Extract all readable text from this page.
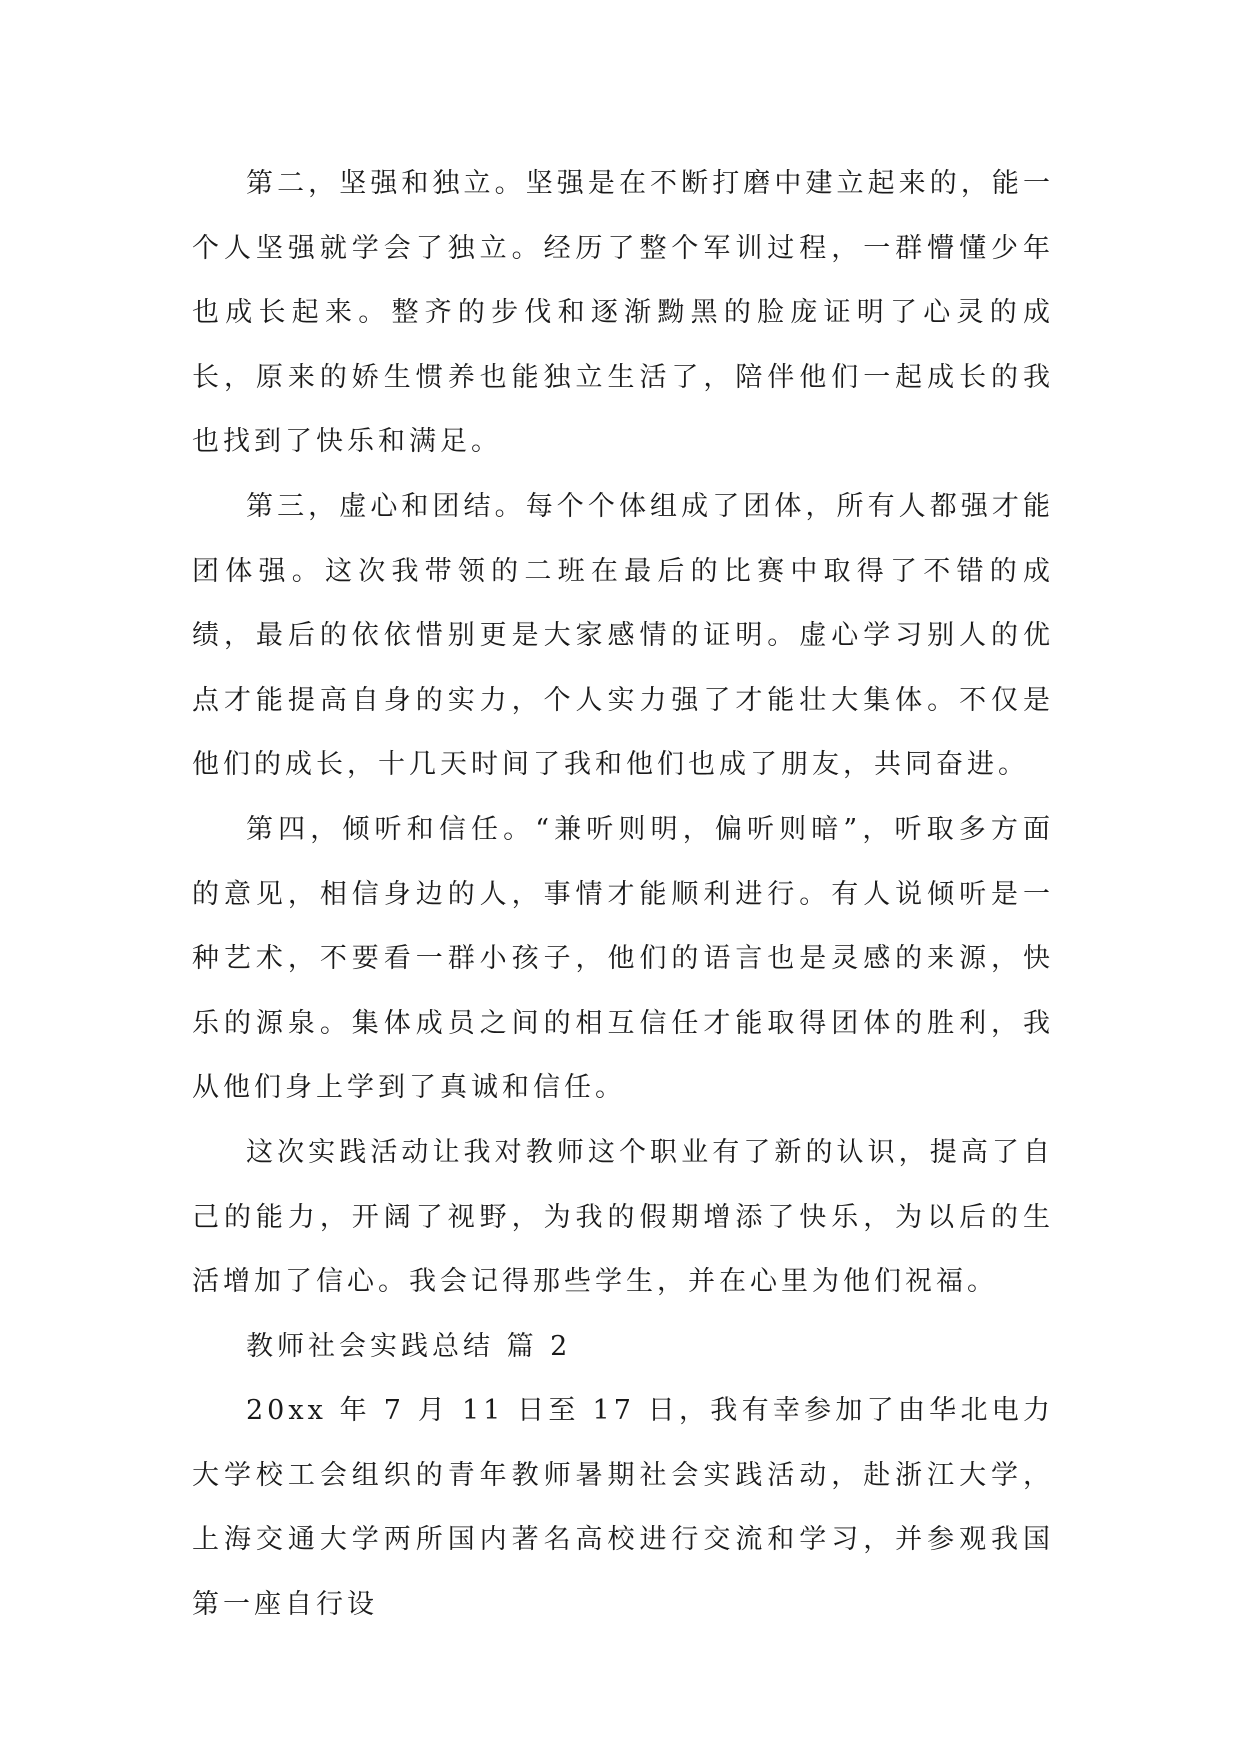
第二，坚强和独立。坚强是在不断打磨中建立起来的，能一个人坚强就学会了独立。经历了整个军训过程，一群懵懂少年也成长起来。整齐的步伐和逐渐黝黑的脸庞证明了心灵的成长，原来的娇生惯养也能独立生活了，陪伴他们一起成长的我也找到了快乐和满足。

第三，虚心和团结。每个个体组成了团体，所有人都强才能团体强。这次我带领的二班在最后的比赛中取得了不错的成绩，最后的依依惜别更是大家感情的证明。虚心学习别人的优点才能提高自身的实力，个人实力强了才能壮大集体。不仅是他们的成长，十几天时间了我和他们也成了朋友，共同奋进。

第四，倾听和信任。“兼听则明，偏听则暗”，听取多方面的意见，相信身边的人，事情才能顺利进行。有人说倾听是一种艺术，不要看一群小孩子，他们的语言也是灵感的来源，快乐的源泉。集体成员之间的相互信任才能取得团体的胜利，我从他们身上学到了真诚和信任。

这次实践活动让我对教师这个职业有了新的认识，提高了自己的能力，开阔了视野，为我的假期增添了快乐，为以后的生活增加了信心。我会记得那些学生，并在心里为他们祝福。

教师社会实践总结 篇 2

20xx 年 7 月 11 日至 17 日，我有幸参加了由华北电力大学校工会组织的青年教师暑期社会实践活动，赴浙江大学，上海交通大学两所国内著名高校进行交流和学习，并参观我国第一座自行设
